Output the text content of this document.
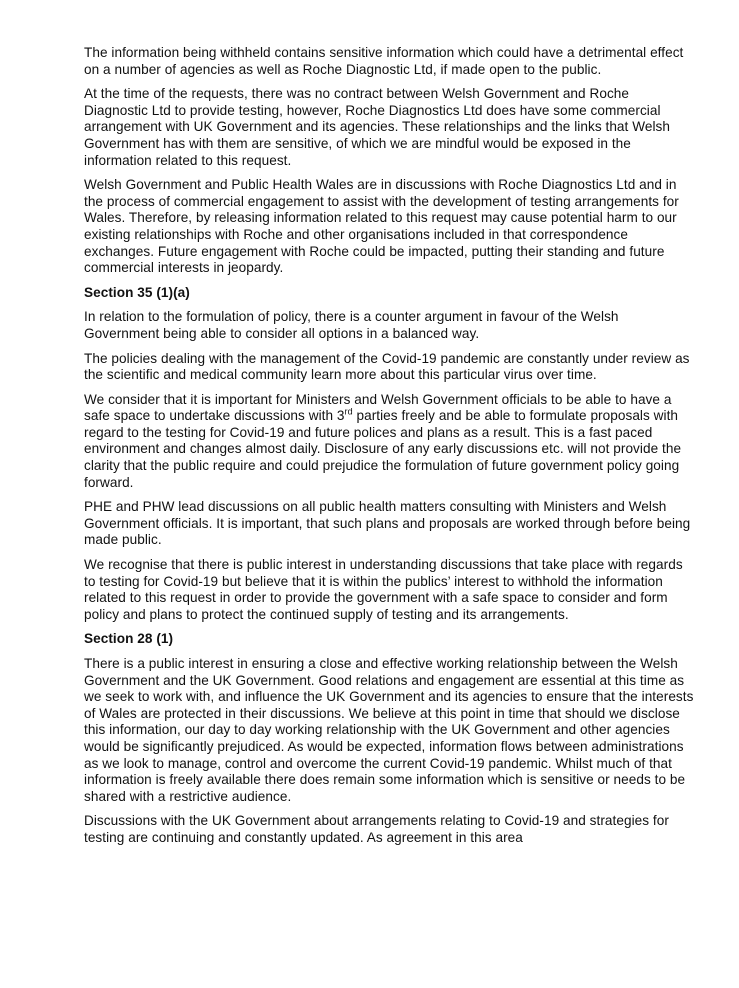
The information being withheld contains sensitive information which could have a detrimental effect on a number of agencies as well as Roche Diagnostic Ltd, if made open to the public.

At the time of the requests, there was no contract between Welsh Government and Roche Diagnostic Ltd to provide testing, however, Roche Diagnostics Ltd does have some commercial arrangement with UK Government and its agencies. These relationships and the links that Welsh Government has with them are sensitive, of which we are mindful would be exposed in the information related to this request.

Welsh Government and Public Health Wales are in discussions with Roche Diagnostics Ltd and in the process of commercial engagement to assist with the development of testing arrangements for Wales. Therefore, by releasing information related to this request may cause potential harm to our existing relationships with Roche and other organisations included in that correspondence exchanges. Future engagement with Roche could be impacted, putting their standing and future commercial interests in jeopardy.

Section 35 (1)(a)

In relation to the formulation of policy, there is a counter argument in favour of the Welsh Government being able to consider all options in a balanced way.

The policies dealing with the management of the Covid-19 pandemic are constantly under review as the scientific and medical community learn more about this particular virus over time.

We consider that it is important for Ministers and Welsh Government officials to be able to have a safe space to undertake discussions with 3rd parties freely and be able to formulate proposals with regard to the testing for Covid-19 and future polices and plans as a result. This is a fast paced environment and changes almost daily. Disclosure of any early discussions etc. will not provide the clarity that the public require and could prejudice the formulation of future government policy going forward.

PHE and PHW lead discussions on all public health matters consulting with Ministers and Welsh Government officials. It is important, that such plans and proposals are worked through before being made public.

We recognise that there is public interest in understanding discussions that take place with regards to testing for Covid-19 but believe that it is within the publics’ interest to withhold the information related to this request in order to provide the government with a safe space to consider and form policy and plans to protect the continued supply of testing and its arrangements.

Section 28 (1)

There is a public interest in ensuring a close and effective working relationship between the Welsh Government and the UK Government. Good relations and engagement are essential at this time as we seek to work with, and influence the UK Government and its agencies to ensure that the interests of Wales are protected in their discussions. We believe at this point in time that should we disclose this information, our day to day working relationship with the UK Government and other agencies would be significantly prejudiced. As would be expected, information flows between administrations as we look to manage, control and overcome the current Covid-19 pandemic. Whilst much of that information is freely available there does remain some information which is sensitive or needs to be shared with a restrictive audience.

Discussions with the UK Government about arrangements relating to Covid-19 and strategies for testing are continuing and constantly updated. As agreement in this area
